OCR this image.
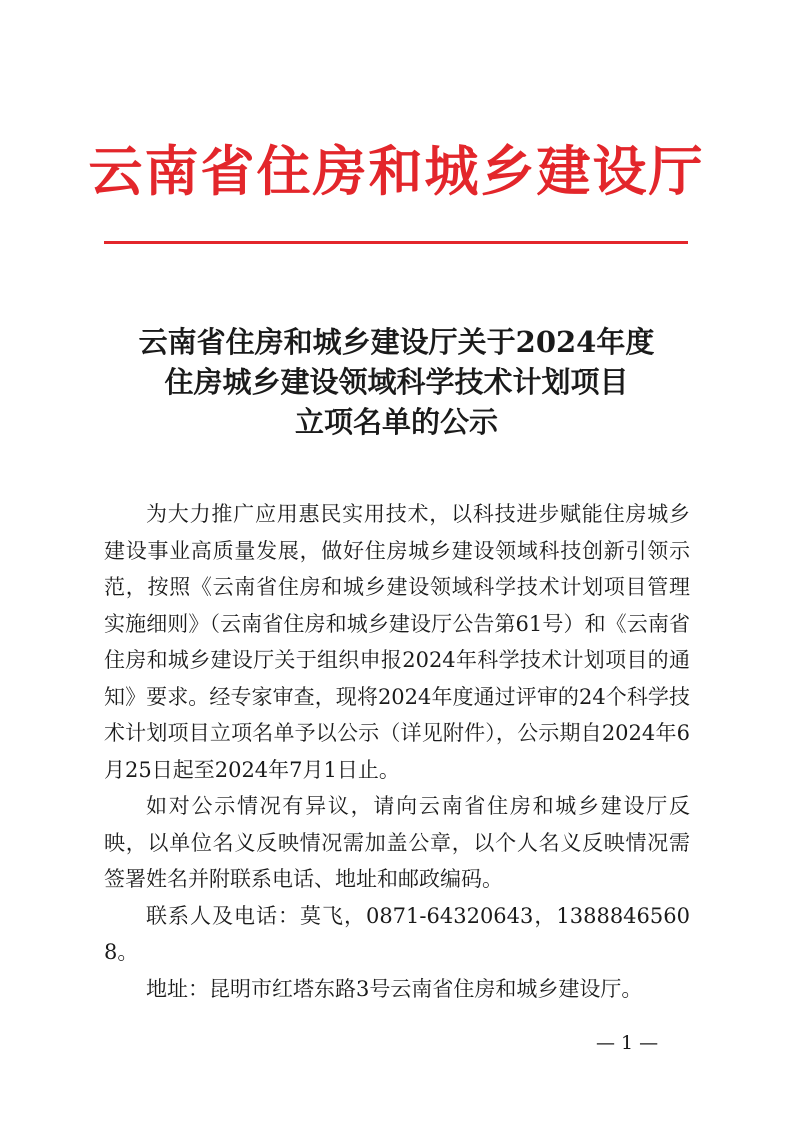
云南省住房和城乡建设厅
云南省住房和城乡建设厅关于2024年度
住房城乡建设领域科学技术计划项目
立项名单的公示

为大力推广应用惠民实用技术，以科技进步赋能住房城乡建设事业高质量发展，做好住房城乡建设领域科技创新引领示范，按照《云南省住房和城乡建设领域科学技术计划项目管理实施细则》（云南省住房和城乡建设厅公告第61号）和《云南省住房和城乡建设厅关于组织申报2024年科学技术计划项目的通知》要求。经专家审查，现将2024年度通过评审的24个科学技术计划项目立项名单予以公示（详见附件），公示期自2024年6月25日起至2024年7月1日止。

如对公示情况有异议，请向云南省住房和城乡建设厅反映，以单位名义反映情况需加盖公章，以个人名义反映情况需签署姓名并附联系电话、地址和邮政编码。

联系人及电话：莫飞，0871-64320643，13888465608。

地址：昆明市红塔东路3号云南省住房和城乡建设厅。

— 1 —
